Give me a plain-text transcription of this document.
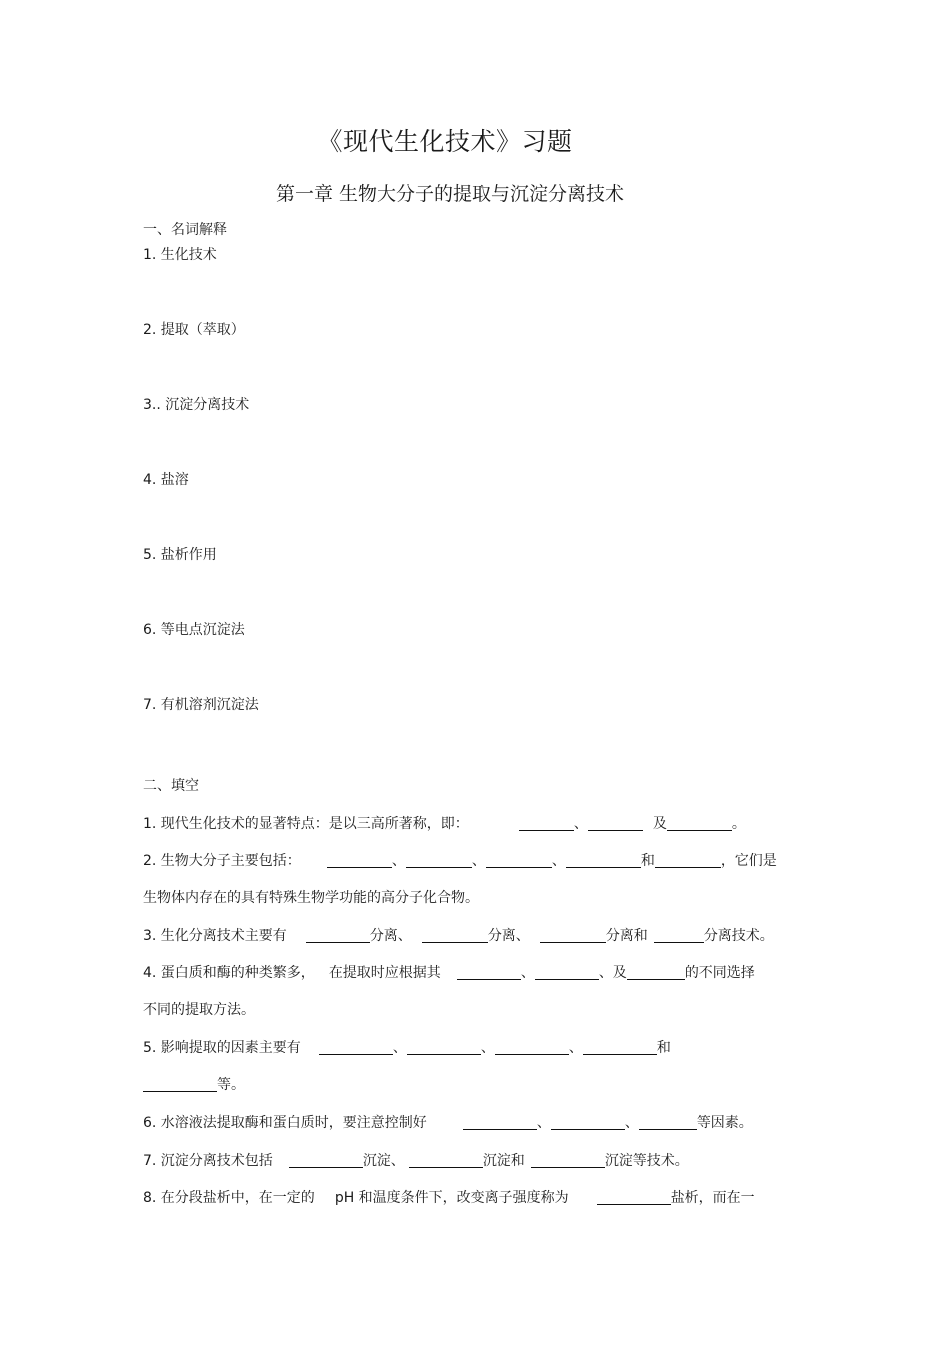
《现代生化技术》习题
第一章 生物大分子的提取与沉淀分离技术
一、名词解释
1. 生化技术
2. 提取（萃取）
3.. 沉淀分离技术
4. 盐溶
5. 盐析作用
6. 等电点沉淀法
7. 有机溶剂沉淀法
二、填空
1. 现代生化技术的显著特点：是以三高所著称，即：	、	及	。
2. 生物大分子主要包括：	、	、	、	和	，它们是
生物体内存在的具有特殊生物学功能的高分子化合物。
3. 生化分离技术主要有	分离、	分离、	分离和	分离技术。
4. 蛋白质和酶的种类繁多， 在提取时应根据其	、	、及	的不同选择
不同的提取方法。
5. 影响提取的因素主要有	、	、	、	和
等。
6. 水溶液法提取酶和蛋白质时，要注意控制好	、	、	等因素。
7. 沉淀分离技术包括	沉淀、	沉淀和	沉淀等技术。
8. 在分段盐析中，在一定的 pH 和温度条件下，改变离子强度称为	盐析，而在一
